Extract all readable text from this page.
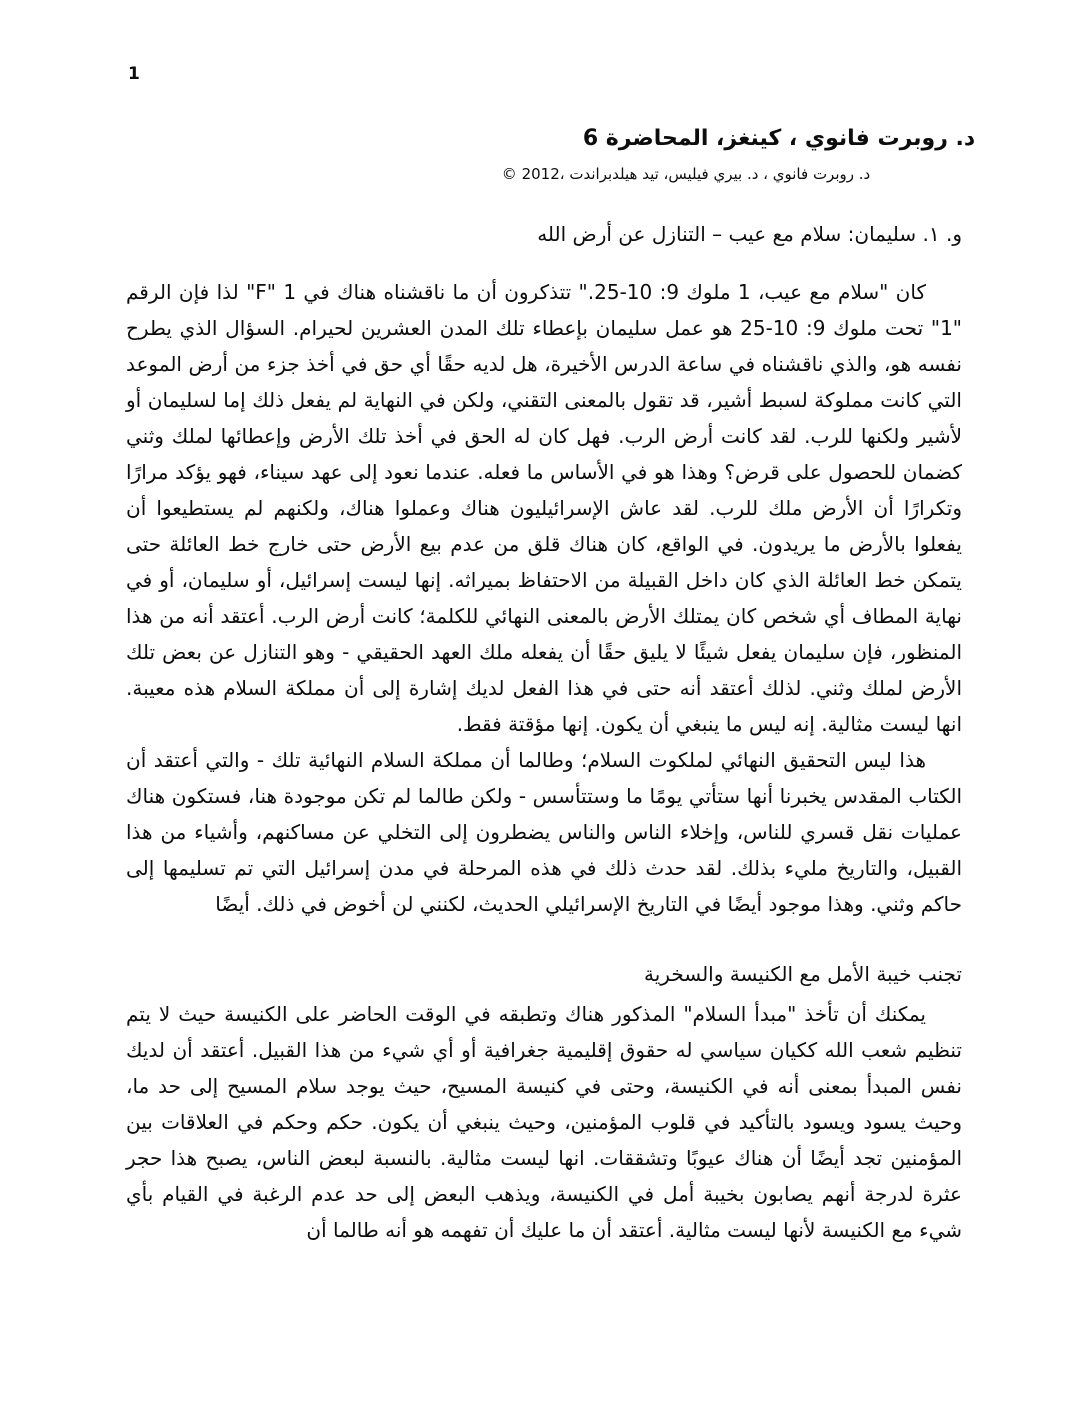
1
د. روبرت فانوي ، كينغز، المحاضرة 6
د. روبرت فانوي ، د. بيري فيليس، تيد هيلدبراندت ،2012 ©
و. ١. سليمان: سلام مع عيب – التنازل عن أرض الله

كان "سلام مع عيب، 1 ملوك 9: 10-25." تتذكرون أن ما ناقشناه هناك في 1 "F" لذا فإن الرقم "1" تحت ملوك 9: 10-25 هو عمل سليمان بإعطاء تلك المدن العشرين لحيرام. السؤال الذي يطرح نفسه هو، والذي ناقشناه في ساعة الدرس الأخيرة، هل لديه حقًا أي حق في أخذ جزء من أرض الموعد التي كانت مملوكة لسبط أشير، قد تقول بالمعنى التقني، ولكن في النهاية لم يفعل ذلك إما لسليمان أو لأشير ولكنها للرب. لقد كانت أرض الرب. فهل كان له الحق في أخذ تلك الأرض وإعطائها لملك وثني كضمان للحصول على قرض؟ وهذا هو في الأساس ما فعله. عندما نعود إلى عهد سيناء، فهو يؤكد مرارًا وتكرارًا أن الأرض ملك للرب. لقد عاش الإسرائيليون هناك وعملوا هناك، ولكنهم لم يستطيعوا أن يفعلوا بالأرض ما يريدون. في الواقع، كان هناك قلق من عدم بيع الأرض حتى خارج خط العائلة حتى يتمكن خط العائلة الذي كان داخل القبيلة من الاحتفاظ بميراثه. إنها ليست إسرائيل، أو سليمان، أو في نهاية المطاف أي شخص كان يمتلك الأرض بالمعنى النهائي للكلمة؛ كانت أرض الرب. أعتقد أنه من هذا المنظور، فإن سليمان يفعل شيئًا لا يليق حقًا أن يفعله ملك العهد الحقيقي - وهو التنازل عن بعض تلك الأرض لملك وثني. لذلك أعتقد أنه حتى في هذا الفعل لديك إشارة إلى أن مملكة السلام هذه معيبة. انها ليست مثالية. إنه ليس ما ينبغي أن يكون. إنها مؤقتة فقط.

هذا ليس التحقيق النهائي لملكوت السلام؛ وطالما أن مملكة السلام النهائية تلك - والتي أعتقد أن الكتاب المقدس يخبرنا أنها ستأتي يومًا ما وستتأسس - ولكن طالما لم تكن موجودة هنا، فستكون هناك عمليات نقل قسري للناس، وإخلاء الناس والناس يضطرون إلى التخلي عن مساكنهم، وأشياء من هذا القبيل، والتاريخ مليء بذلك. لقد حدث ذلك في هذه المرحلة في مدن إسرائيل التي تم تسليمها إلى حاكم وثني. وهذا موجود أيضًا في التاريخ الإسرائيلي الحديث، لكنني لن أخوض في ذلك. أيضًا

تجنب خيبة الأمل مع الكنيسة والسخرية

يمكنك أن تأخذ "مبدأ السلام" المذكور هناك وتطبقه في الوقت الحاضر على الكنيسة حيث لا يتم تنظيم شعب الله ككيان سياسي له حقوق إقليمية جغرافية أو أي شيء من هذا القبيل. أعتقد أن لديك نفس المبدأ بمعنى أنه في الكنيسة، وحتى في كنيسة المسيح، حيث يوجد سلام المسيح إلى حد ما، وحيث يسود ويسود بالتأكيد في قلوب المؤمنين، وحيث ينبغي أن يكون. حكم وحكم في العلاقات بين المؤمنين تجد أيضًا أن هناك عيوبًا وتشققات. انها ليست مثالية. بالنسبة لبعض الناس، يصبح هذا حجر عثرة لدرجة أنهم يصابون بخيبة أمل في الكنيسة، ويذهب البعض إلى حد عدم الرغبة في القيام بأي شيء مع الكنيسة لأنها ليست مثالية. أعتقد أن ما عليك أن تفهمه هو أنه طالما أن
